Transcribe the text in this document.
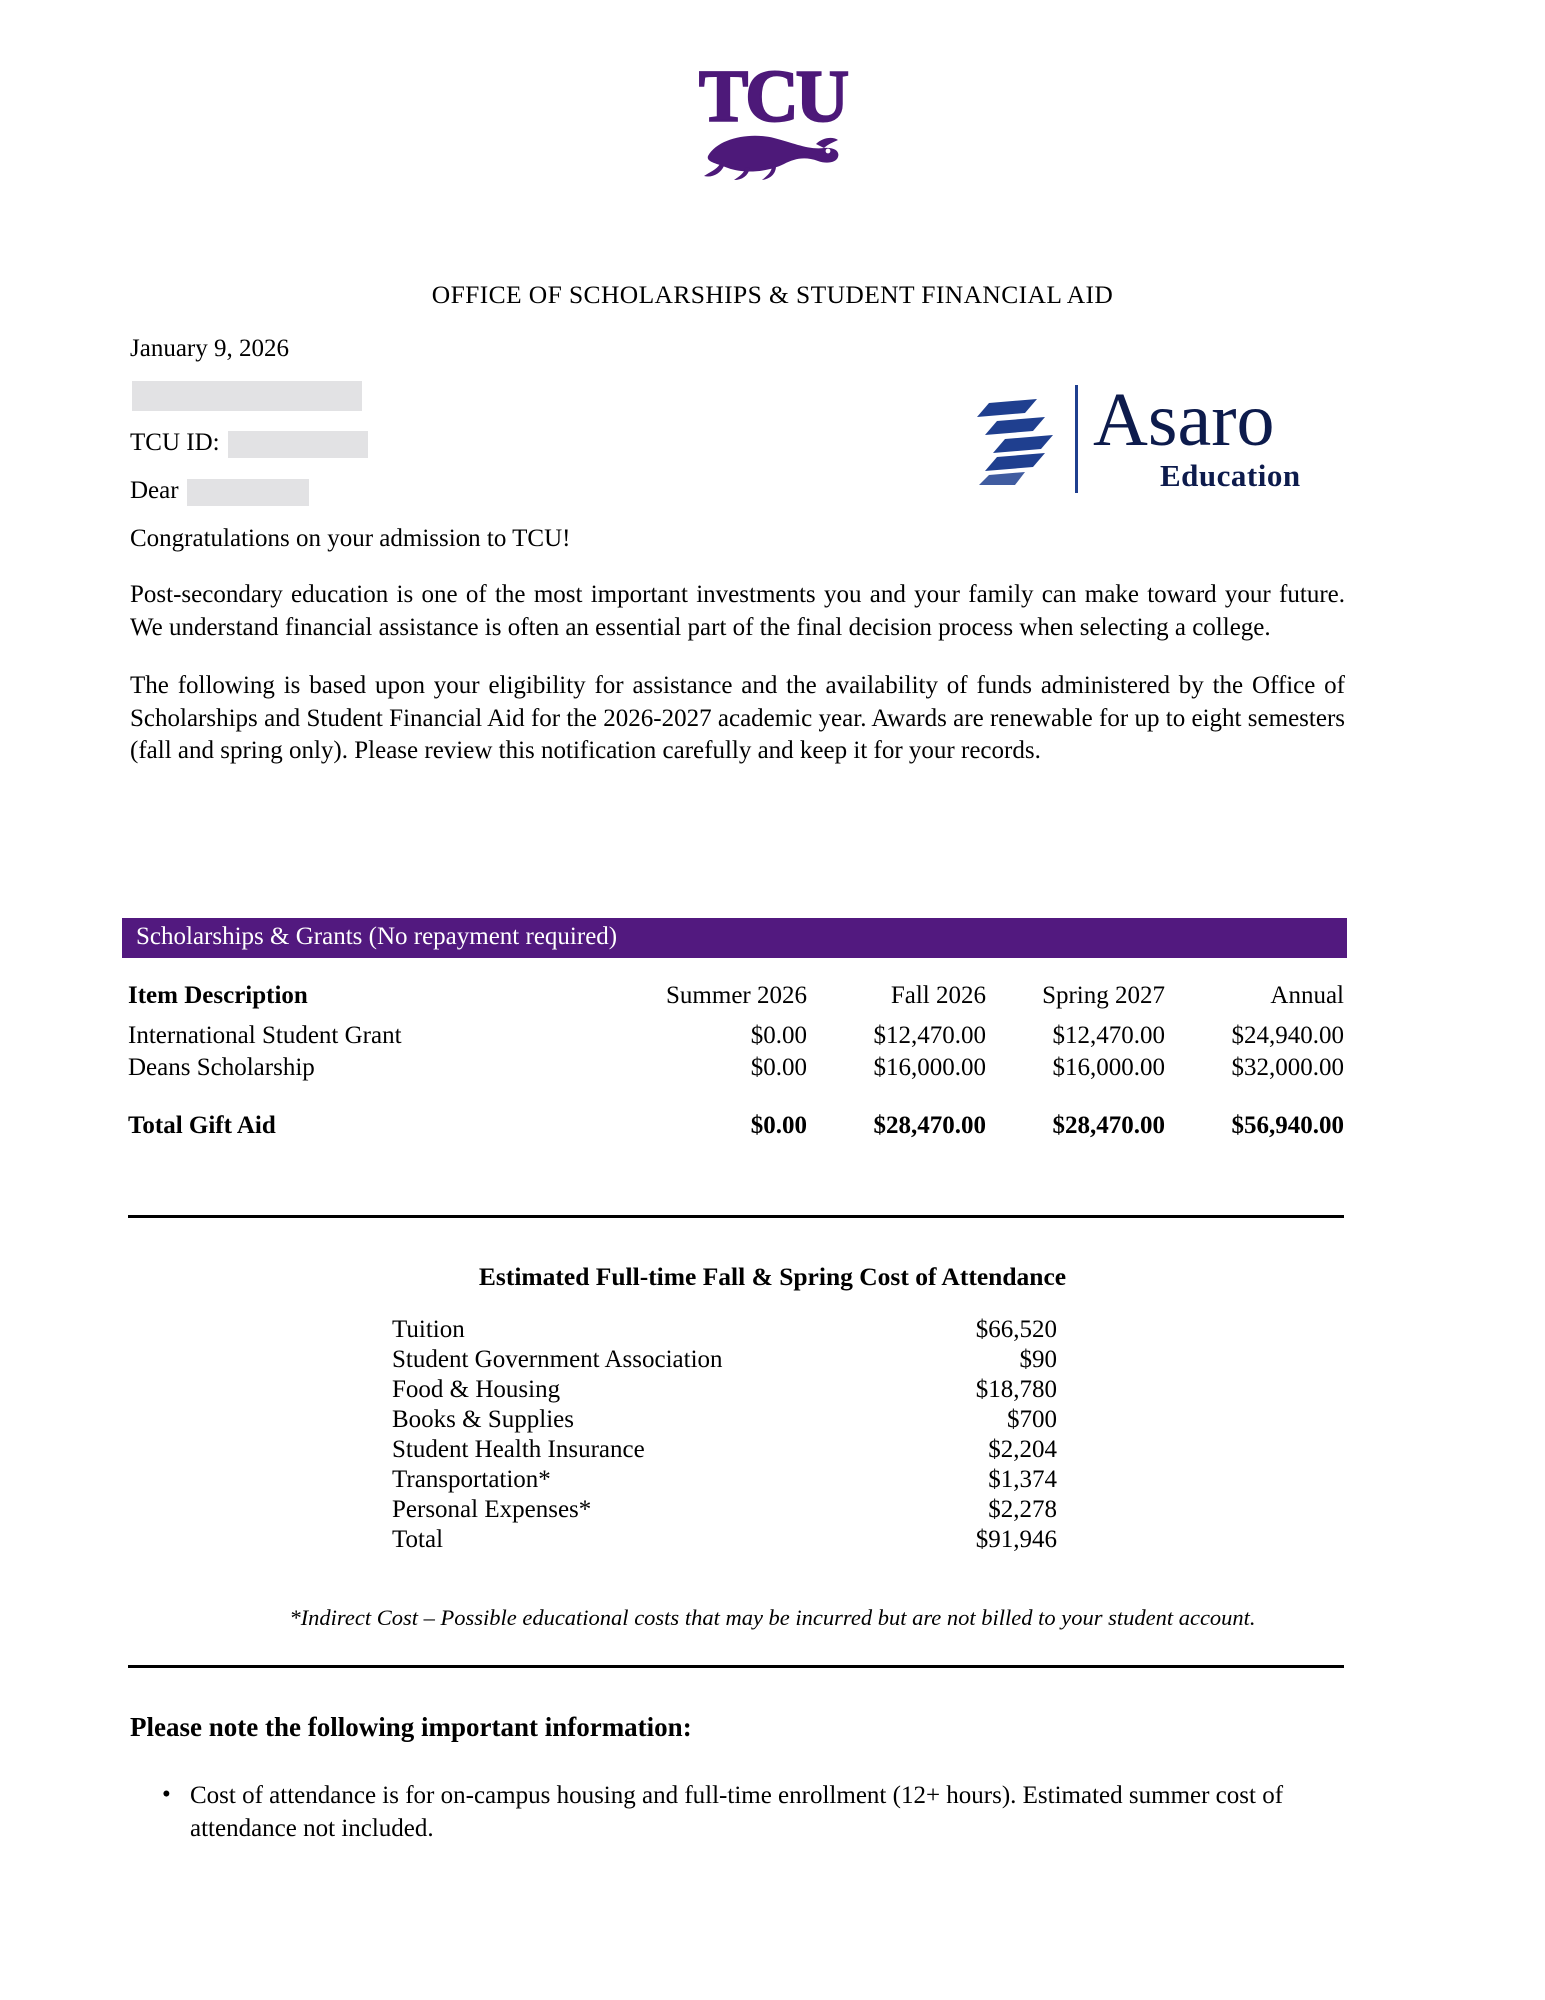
TCU
OFFICE OF SCHOLARSHIPS & STUDENT FINANCIAL AID
January 9, 2026
TCU ID:
Dear

Congratulations on your admission to TCU!

Post-secondary education is one of the most important investments you and your family can make toward your future. We understand financial assistance is often an essential part of the final decision process when selecting a college.

The following is based upon your eligibility for assistance and the availability of funds administered by the Office of Scholarships and Student Financial Aid for the 2026-2027 academic year. Awards are renewable for up to eight semesters (fall and spring only). Please review this notification carefully and keep it for your records.

Asaro
Education
Scholarships & Grants (No repayment required)
Item Description	Summer 2026	Fall 2026	Spring 2027	Annual
International Student Grant	$0.00	$12,470.00	$12,470.00	$24,940.00
Deans Scholarship	$0.00	$16,000.00	$16,000.00	$32,000.00
Total Gift Aid	$0.00	$28,470.00	$28,470.00	$56,940.00
Estimated Full-time Fall & Spring Cost of Attendance
Tuition	$66,520
Student Government Association	$90
Food & Housing	$18,780
Books & Supplies	$700
Student Health Insurance	$2,204
Transportation*	$1,374
Personal Expenses*	$2,278
Total	$91,946
*Indirect Cost – Possible educational costs that may be incurred but are not billed to your student account.
Please note the following important information:
• Cost of attendance is for on-campus housing and full-time enrollment (12+ hours). Estimated summer cost of attendance not included.
